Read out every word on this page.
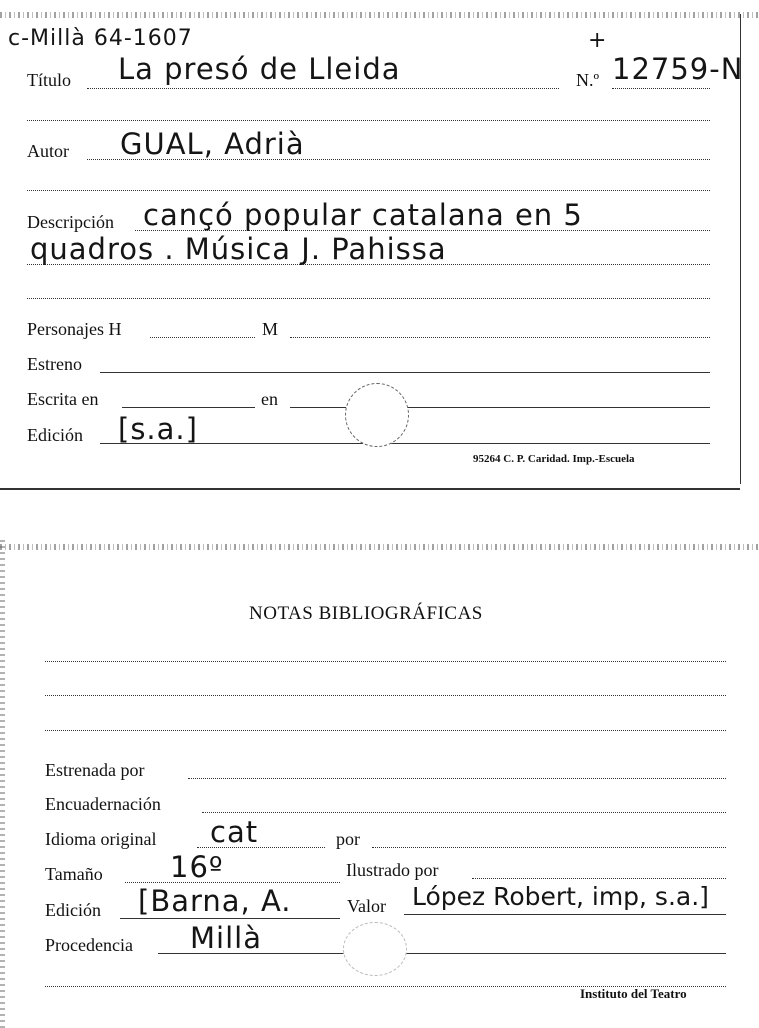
c-Millà 64-1607	+
Título La presó de Lleida	N.º 12759-N
Autor GUAL, Adrià
Descripción cançó popular catalana en 5
quadros . Música J. Pahissa
Personajes H	M
Estreno
Escrita en	en
Edición [s.a.]
95264 C. P. Caridad. Imp.-Escuela
NOTAS BIBLIOGRÁFICAS
Estrenada por
Encuadernación
Idioma original cat	por
Tamaño 16º	Ilustrado por
Edición [Barna, A.	Valor López Robert, imp, s.a.]
Procedencia Millà
Instituto del Teatro
